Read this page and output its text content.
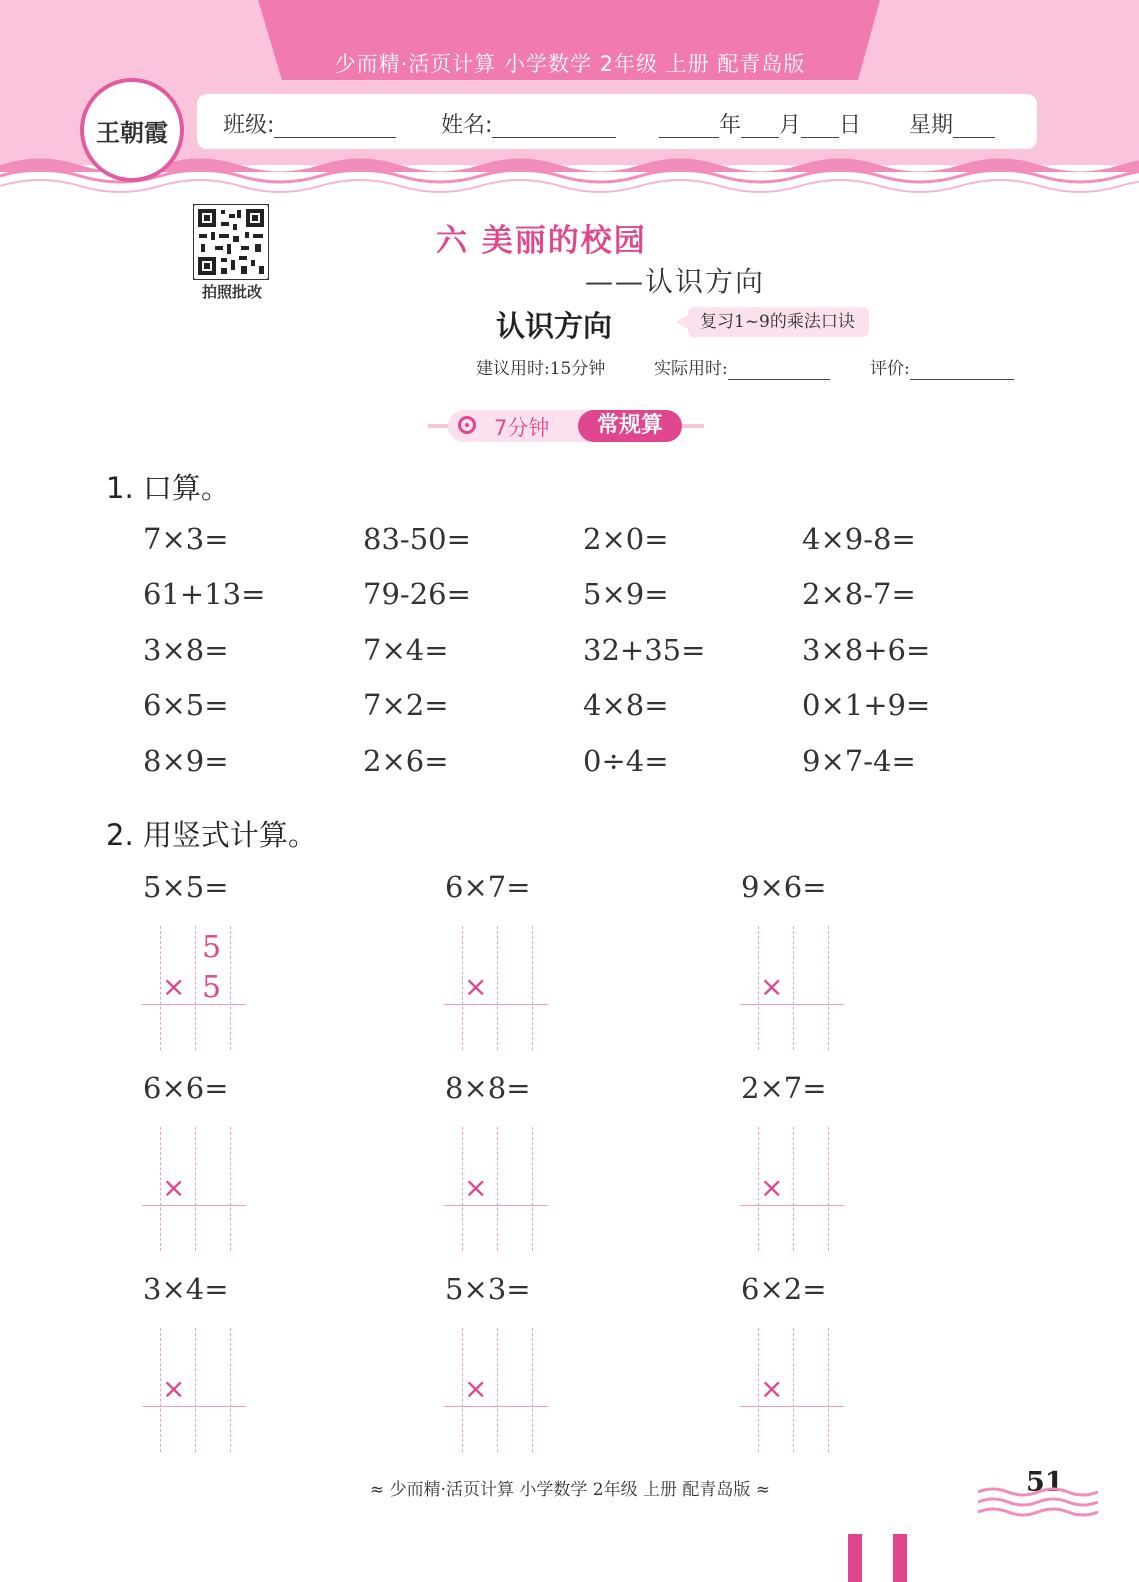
少而精·活页计算 小学数学 2年级 上册 配青岛版
王朝霞	班级:	姓名:	年 月 日 星期
拍照批改
六 美丽的校园
——认识方向
认识方向	复习1~9的乘法口诀
建议用时:15分钟	实际用时:	评价:
7分钟	常规算
1. 口算。
7×3=	83-50=	2×0=	4×9-8=
61+13=	79-26=	5×9=	2×8-7=
3×8=	7×4=	32+35=	3×8+6=
6×5=	7×2=	4×8=	0×1+9=
8×9=	2×6=	0÷4=	9×7-4=
2. 用竖式计算。
5×5=	6×7=	9×6=
5
× 5	×	×
6×6=	8×8=	2×7=
×	×	×
3×4=	5×3=	6×2=
×	×	×
≈ 少而精·活页计算 小学数学 2年级 上册 配青岛版 ≈	51
